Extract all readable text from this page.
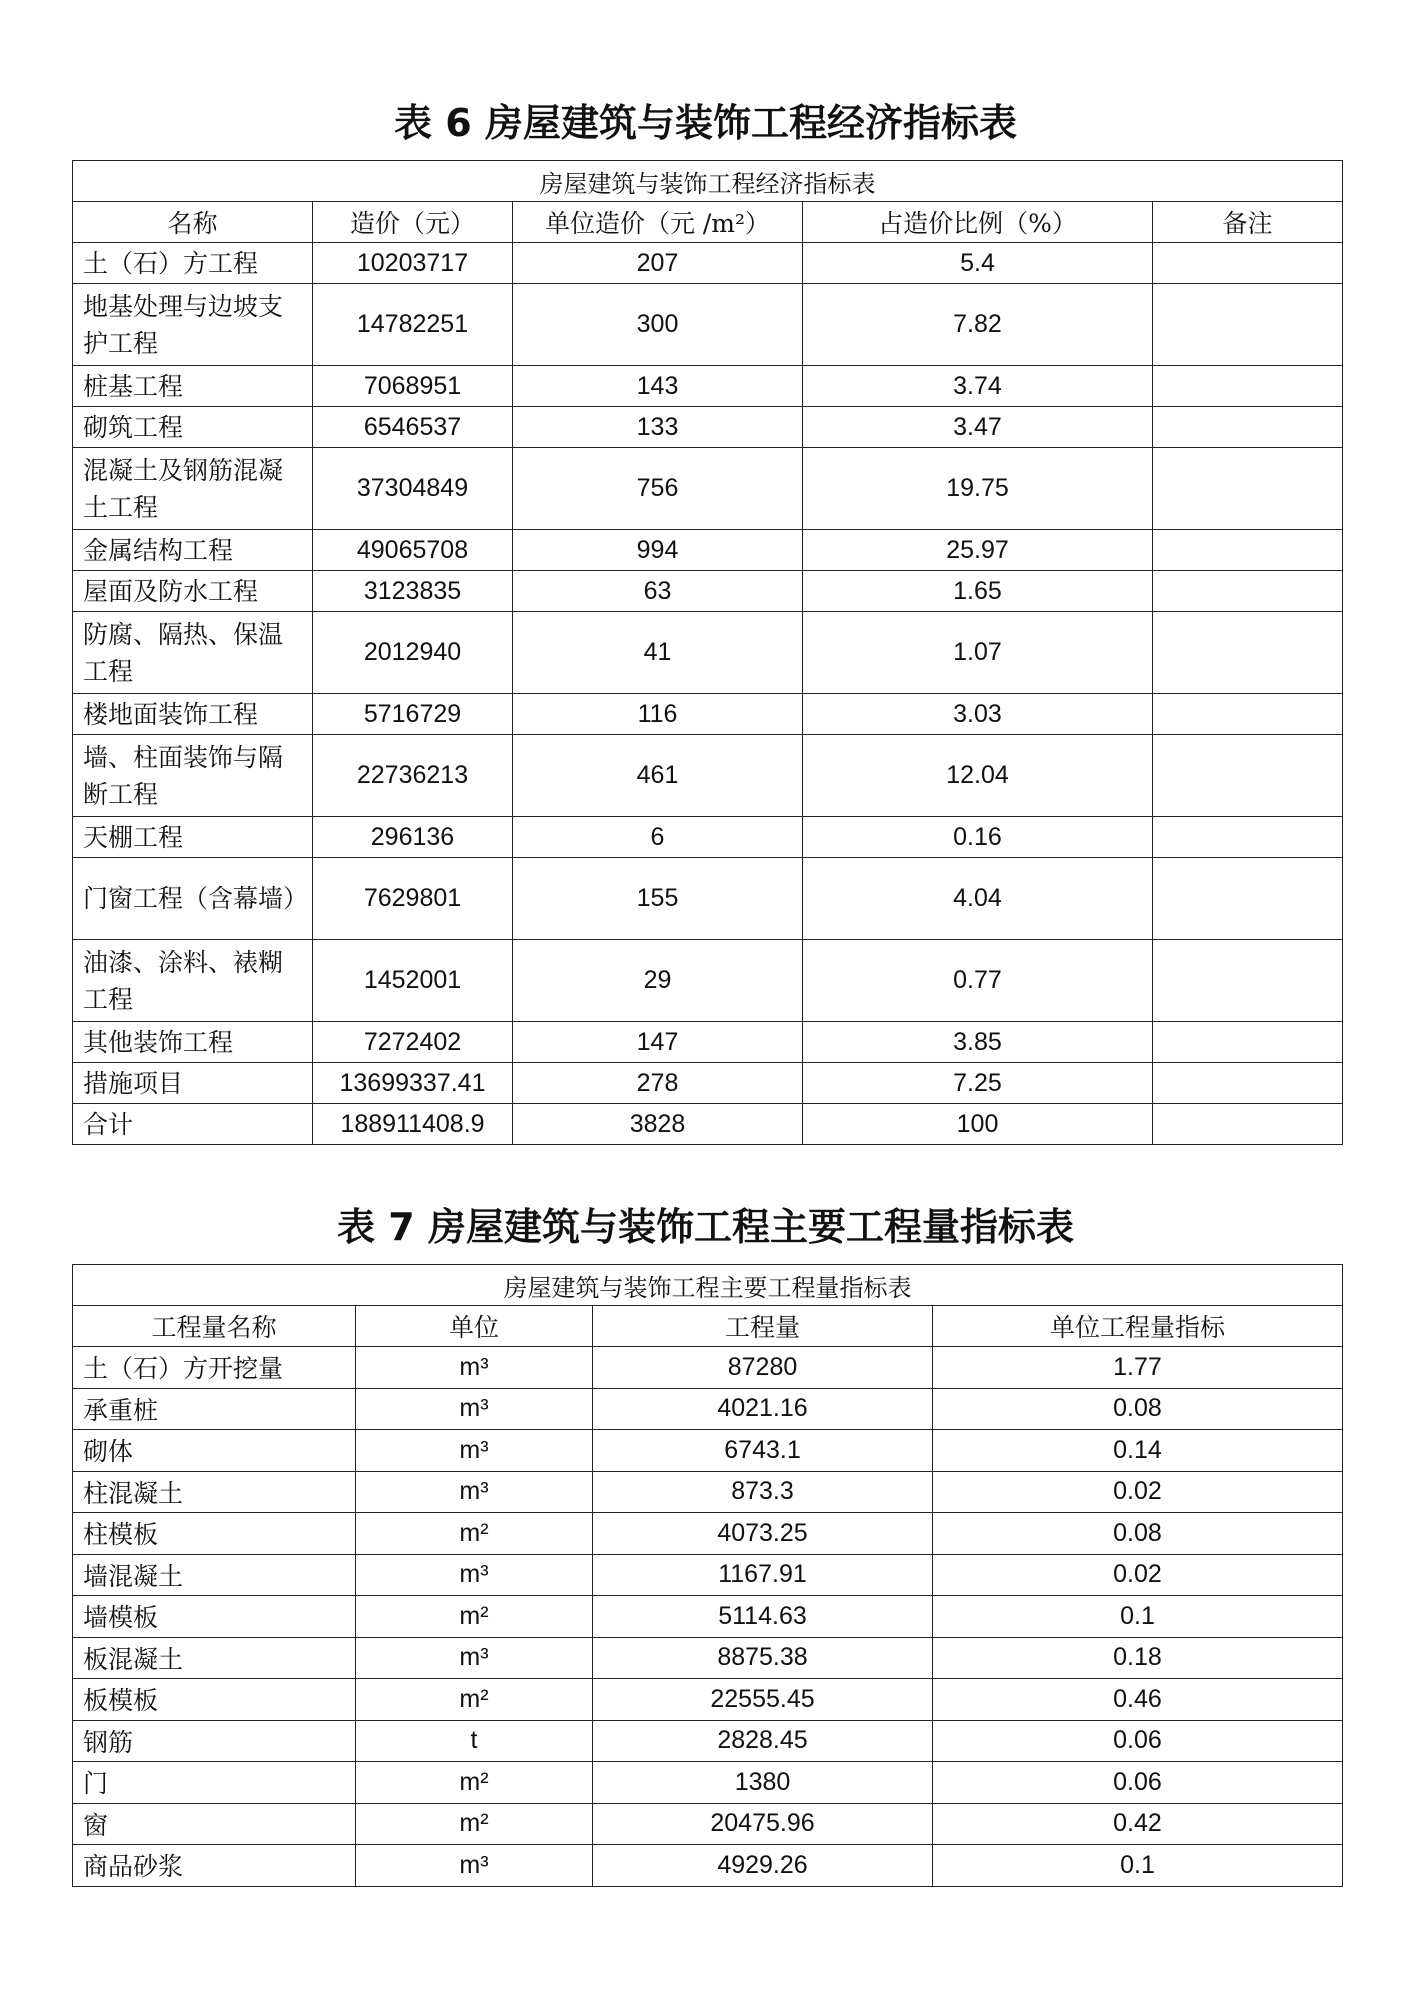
表 6 房屋建筑与装饰工程经济指标表
房屋建筑与装饰工程经济指标表				
名称	造价（元）	单位造价（元 /m²）	占造价比例（%）	备注
土（石）方工程	10203717	207	5.4	
地基处理与边坡支护工程	14782251	300	7.82	
桩基工程	7068951	143	3.74	
砌筑工程	6546537	133	3.47	
混凝土及钢筋混凝土工程	37304849	756	19.75	
金属结构工程	49065708	994	25.97	
屋面及防水工程	3123835	63	1.65	
防腐、隔热、保温工程	2012940	41	1.07	
楼地面装饰工程	5716729	116	3.03	
墙、柱面装饰与隔断工程	22736213	461	12.04	
天棚工程	296136	6	0.16	
门窗工程（含幕墙）	7629801	155	4.04	
油漆、涂料、裱糊工程	1452001	29	0.77	
其他装饰工程	7272402	147	3.85	
措施项目	13699337.41	278	7.25	
合计	188911408.9	3828	100	
表 7 房屋建筑与装饰工程主要工程量指标表
房屋建筑与装饰工程主要工程量指标表			
工程量名称	单位	工程量	单位工程量指标
土（石）方开挖量	m³	87280	1.77
承重桩	m³	4021.16	0.08
砌体	m³	6743.1	0.14
柱混凝土	m³	873.3	0.02
柱模板	m²	4073.25	0.08
墙混凝土	m³	1167.91	0.02
墙模板	m²	5114.63	0.1
板混凝土	m³	8875.38	0.18
板模板	m²	22555.45	0.46
钢筋	t	2828.45	0.06
门	m²	1380	0.06
窗	m²	20475.96	0.42
商品砂浆	m³	4929.26	0.1
